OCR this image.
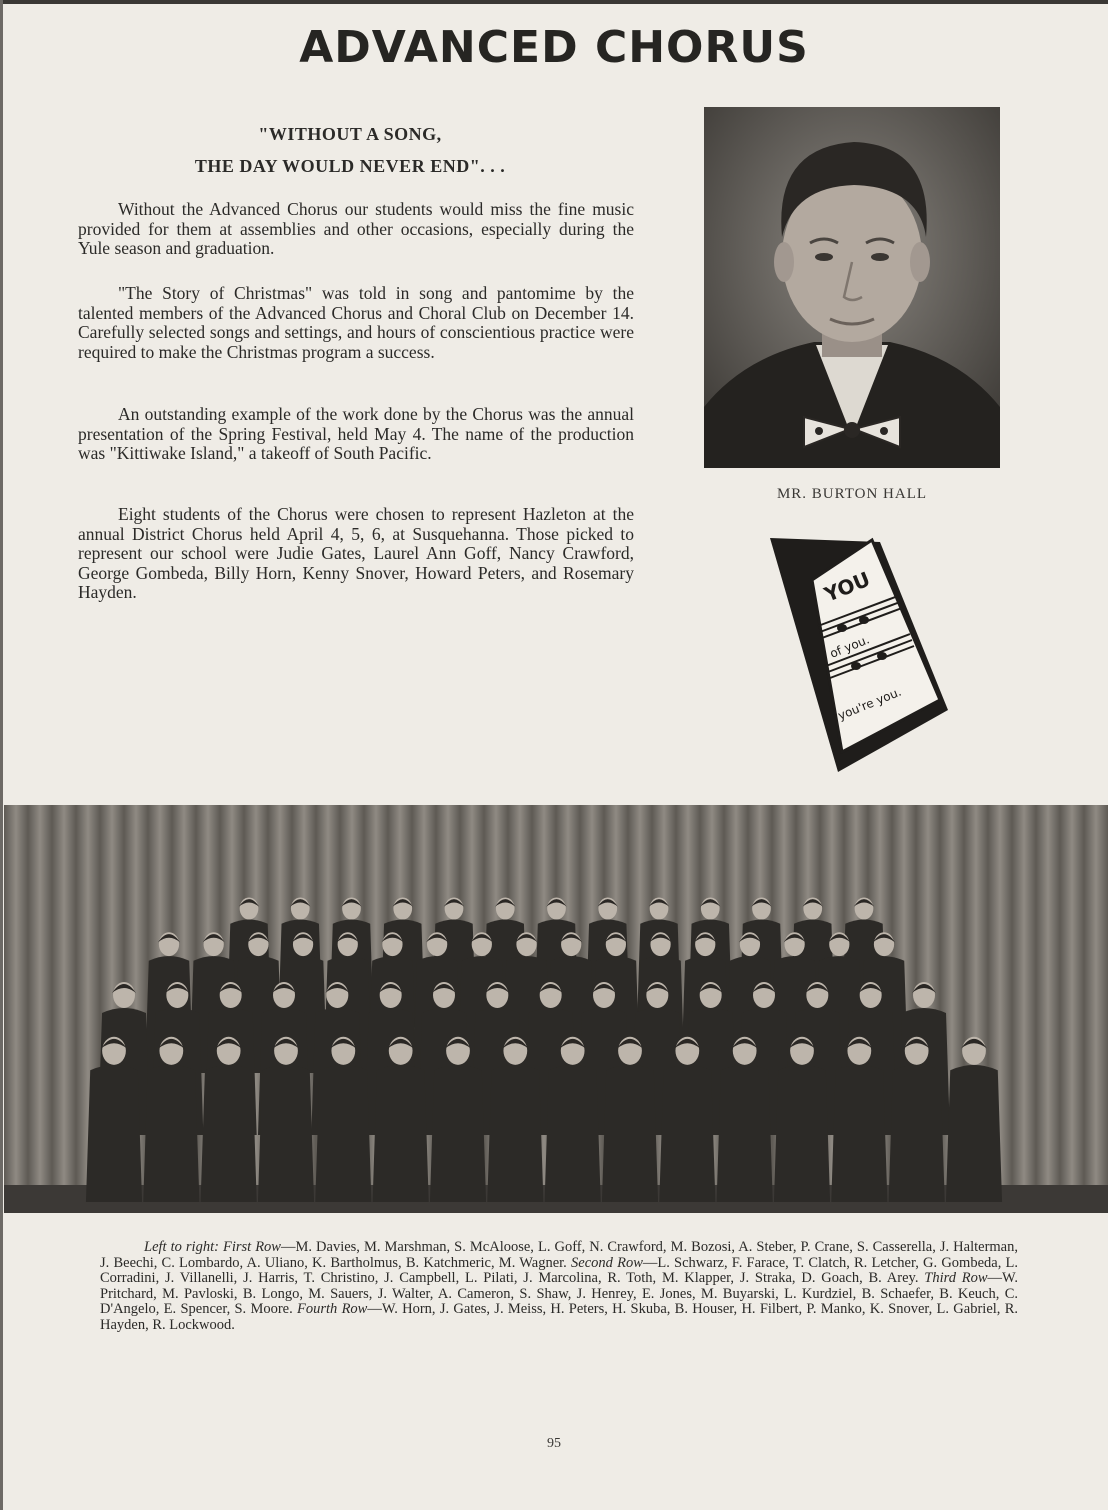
ADVANCED CHORUS
"WITHOUT A SONG,
THE DAY WOULD NEVER END". . .

Without the Advanced Chorus our students would miss the fine music provided for them at assemblies and other occasions, especially during the Yule season and graduation.

"The Story of Christmas" was told in song and pantomime by the talented members of the Advanced Chorus and Choral Club on December 14. Carefully selected songs and settings, and hours of conscientious practice were required to make the Christmas program a success.

An outstanding example of the work done by the Chorus was the annual presentation of the Spring Festival, held May 4. The name of the production was "Kittiwake Island," a takeoff of South Pacific.

Eight students of the Chorus were chosen to represent Hazleton at the annual District Chorus held April 4, 5, 6, at Susquehanna. Those picked to represent our school were Judie Gates, Laurel Ann Goff, Nancy Crawford, George Gombeda, Billy Horn, Kenny Snover, Howard Peters, and Rosemary Hayden.

MR. BURTON HALL
YOU
of you.
you're you.

Left to right: First Row—M. Davies, M. Marshman, S. McAloose, L. Goff, N. Crawford, M. Bozosi, A. Steber, P. Crane, S. Casserella, J. Halterman, J. Beechi, C. Lombardo, A. Uliano, K. Bartholmus, B. Katchmeric, M. Wagner. Second Row—L. Schwarz, F. Farace, T. Clatch, R. Letcher, G. Gombeda, L. Corradini, J. Villanelli, J. Harris, T. Christino, J. Campbell, L. Pilati, J. Marcolina, R. Toth, M. Klapper, J. Straka, D. Goach, B. Arey. Third Row—W. Pritchard, M. Pavloski, B. Longo, M. Sauers, J. Walter, A. Cameron, S. Shaw, J. Henrey, E. Jones, M. Buyarski, L. Kurdziel, B. Schaefer, B. Keuch, C. D'Angelo, E. Spencer, S. Moore. Fourth Row—W. Horn, J. Gates, J. Meiss, H. Peters, H. Skuba, B. Houser, H. Filbert, P. Manko, K. Snover, L. Gabriel, R. Hayden, R. Lockwood.

95
